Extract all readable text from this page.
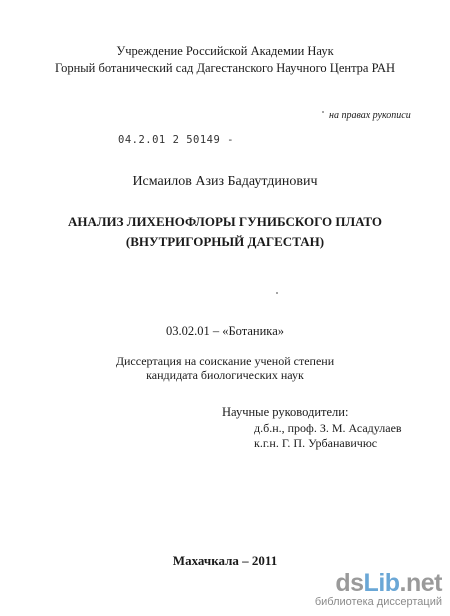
Учреждение Российской Академии Наук
Горный ботанический сад Дагестанского Научного Центра РАН
на правах рукописи
04.2.01 2 50149 -
Исмаилов Азиз Бадаутдинович
АНАЛИЗ ЛИХЕНОФЛОРЫ ГУНИБСКОГО ПЛАТО
(ВНУТРИГОРНЫЙ ДАГЕСТАН)
03.02.01 – «Ботаника»
Диссертация на соискание ученой степени
кандидата биологических наук
Научные руководители:
д.б.н., проф. З. М. Асадулаев
к.г.н. Г. П. Урбанавичюс
Махачкала – 2011
dsLib.net
библиотека диссертаций
